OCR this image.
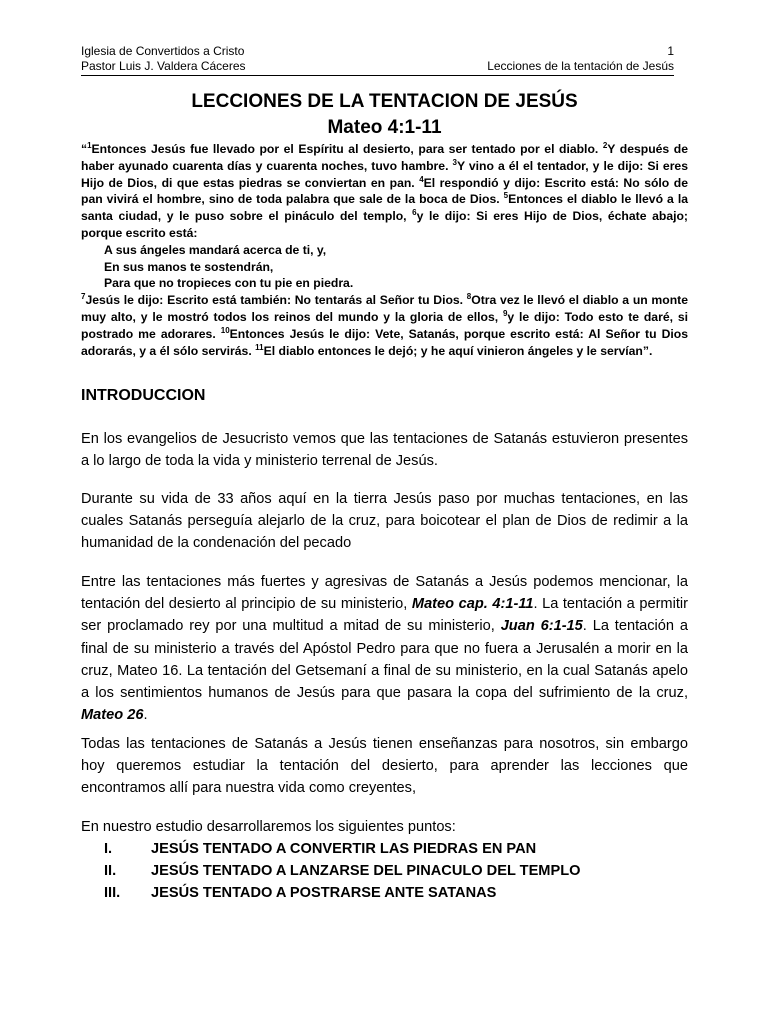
Iglesia de Convertidos a Cristo	1
Pastor Luis J. Valdera Cáceres	Lecciones de la tentación de Jesús
LECCIONES DE LA TENTACION DE JESÚS
Mateo 4:1-11

“$^1$Entonces Jesús fue llevado por el Espíritu al desierto, para ser tentado por el diablo. $^2$Y después de haber ayunado cuarenta días y cuarenta noches, tuvo hambre. $^3$Y vino a él el tentador, y le dijo: Si eres Hijo de Dios, di que estas piedras se conviertan en pan. $^4$El respondió y dijo: Escrito está: No sólo de pan vivirá el hombre, sino de toda palabra que sale de la boca de Dios. $^5$Entonces el diablo le llevó a la santa ciudad, y le puso sobre el pináculo del templo, $^6$y le dijo: Si eres Hijo de Dios, échate abajo; porque escrito está:

A sus ángeles mandará acerca de ti, y,

En sus manos te sostendrán,

Para que no tropieces con tu pie en piedra.

$^7$Jesús le dijo: Escrito está también: No tentarás al Señor tu Dios. $^8$Otra vez le llevó el diablo a un monte muy alto, y le mostró todos los reinos del mundo y la gloria de ellos, $^9$y le dijo: Todo esto te daré, si postrado me adorares. $^{10}$Entonces Jesús le dijo: Vete, Satanás, porque escrito está: Al Señor tu Dios adorarás, y a él sólo servirás. $^{11}$El diablo entonces le dejó; y he aquí vinieron ángeles y le servían”.

INTRODUCCION

En los evangelios de Jesucristo vemos que las tentaciones de Satanás estuvieron presentes a lo largo de toda la vida y ministerio terrenal de Jesús.

Durante su vida de 33 años aquí en la tierra Jesús paso por muchas tentaciones, en las cuales Satanás perseguía alejarlo de la cruz, para boicotear el plan de Dios de redimir a la humanidad de la condenación del pecado

Entre las tentaciones más fuertes y agresivas de Satanás a Jesús podemos mencionar, la tentación del desierto al principio de su ministerio, Mateo cap. 4:1-11. La tentación a permitir ser proclamado rey por una multitud a mitad de su ministerio, Juan 6:1-15. La tentación a final de su ministerio a través del Apóstol Pedro para que no fuera a Jerusalén a morir en la cruz, Mateo 16. La tentación del Getsemaní a final de su ministerio, en la cual Satanás apelo a los sentimientos humanos de Jesús para que pasara la copa del sufrimiento de la cruz, Mateo 26.

Todas las tentaciones de Satanás a Jesús tienen enseñanzas para nosotros, sin embargo hoy queremos estudiar la tentación del desierto, para aprender las lecciones que encontramos allí para nuestra vida como creyentes,

En nuestro estudio desarrollaremos los siguientes puntos:

I.	JESÚS TENTADO A CONVERTIR LAS PIEDRAS EN PAN
II.	JESÚS TENTADO A LANZARSE DEL PINACULO DEL TEMPLO
III.	JESÚS TENTADO A POSTRARSE ANTE SATANAS
